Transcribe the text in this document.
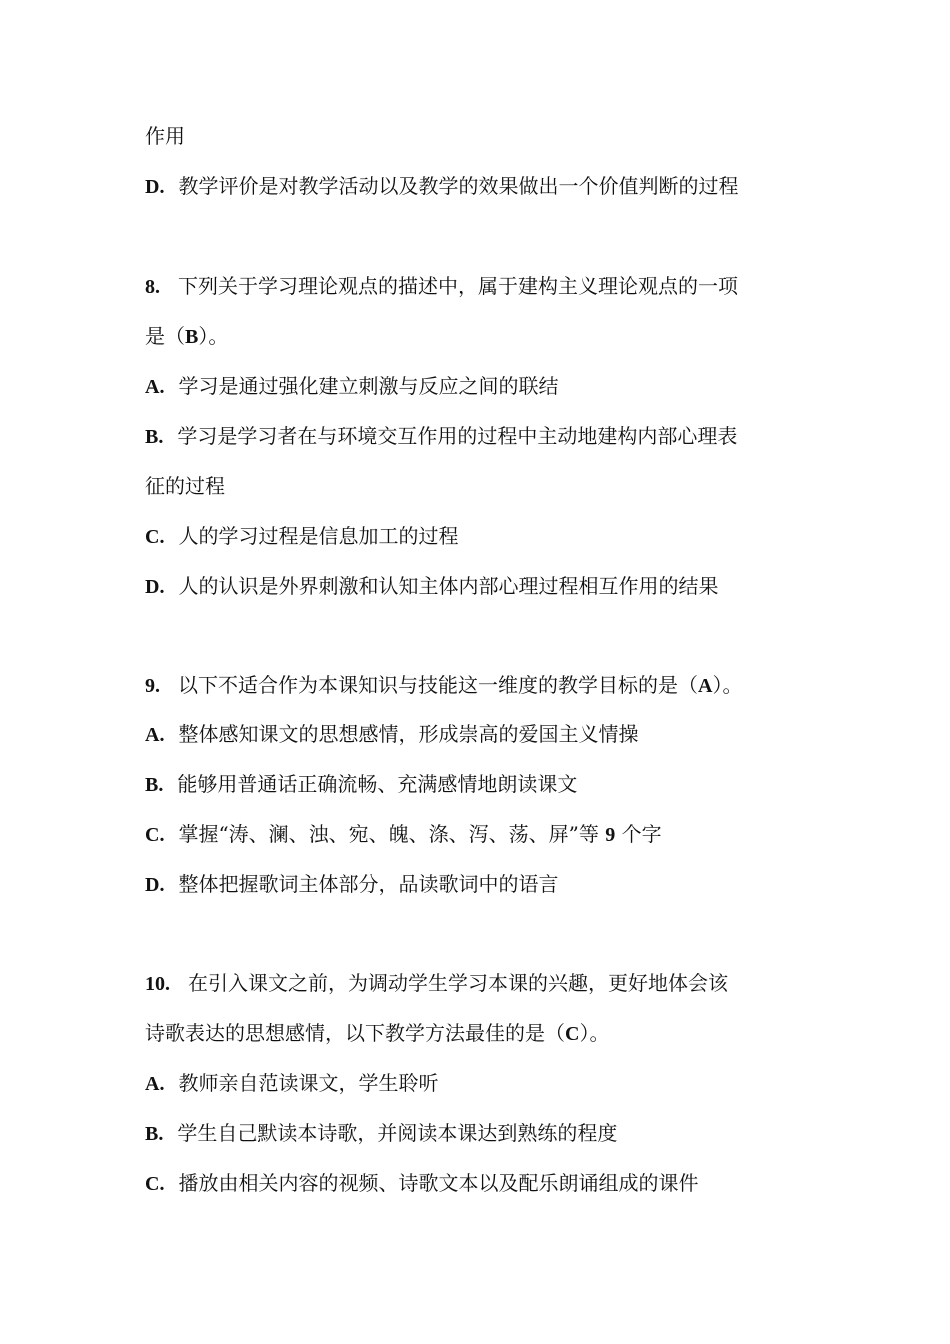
作用
D. 教学评价是对教学活动以及教学的效果做出一个价值判断的过程
8. 下列关于学习理论观点的描述中，属于建构主义理论观点的一项
是（B）。
A. 学习是通过强化建立刺激与反应之间的联结
B. 学习是学习者在与环境交互作用的过程中主动地建构内部心理表
征的过程
C. 人的学习过程是信息加工的过程
D. 人的认识是外界刺激和认知主体内部心理过程相互作用的结果
9. 以下不适合作为本课知识与技能这一维度的教学目标的是（A）。
A. 整体感知课文的思想感情，形成崇高的爱国主义情操
B. 能够用普通话正确流畅、充满感情地朗读课文
C. 掌握“涛、澜、浊、宛、魄、涤、泻、荡、屏”等 9 个字
D. 整体把握歌词主体部分，品读歌词中的语言
10. 在引入课文之前，为调动学生学习本课的兴趣，更好地体会该
诗歌表达的思想感情，以下教学方法最佳的是（C）。
A. 教师亲自范读课文，学生聆听
B. 学生自己默读本诗歌，并阅读本课达到熟练的程度
C. 播放由相关内容的视频、诗歌文本以及配乐朗诵组成的课件
